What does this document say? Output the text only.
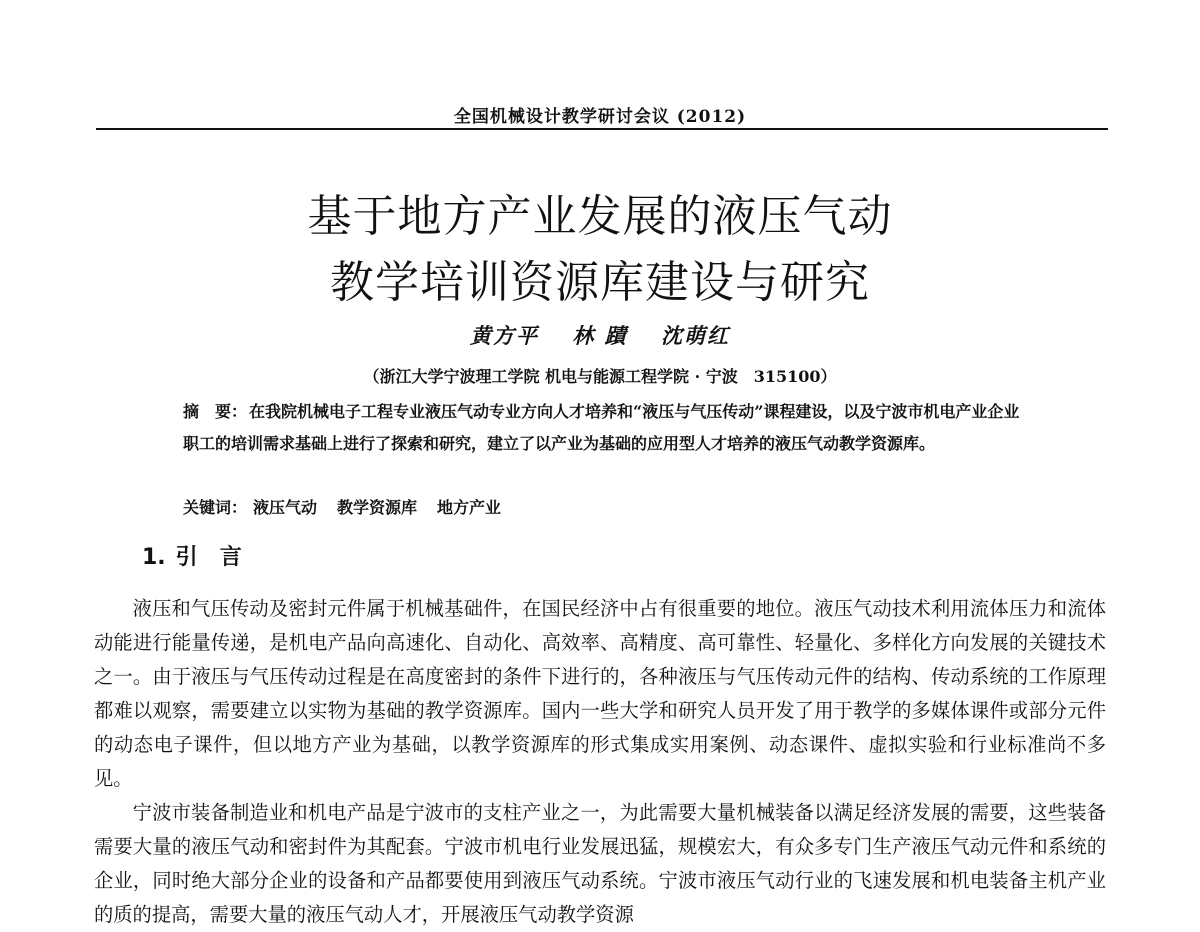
全国机械设计教学研讨会议 (2012)
基于地方产业发展的液压气动
教学培训资源库建设与研究
黄方平 林 蹟 沈萌红
（浙江大学宁波理工学院 机电与能源工程学院 · 宁波　315100）
摘　要： 在我院机械电子工程专业液压气动专业方向人才培养和“液压与气压传动”课程建设，以及宁波市机电产业企业职工的培训需求基础上进行了探索和研究，建立了以产业为基础的应用型人才培养的液压气动教学资源库。
关键词： 液压气动 教学资源库 地方产业
1. 引 言

液压和气压传动及密封元件属于机械基础件，在国民经济中占有很重要的地位。液压气动技术利用流体压力和流体动能进行能量传递，是机电产品向高速化、自动化、高效率、高精度、高可靠性、轻量化、多样化方向发展的关键技术之一。由于液压与气压传动过程是在高度密封的条件下进行的，各种液压与气压传动元件的结构、传动系统的工作原理都难以观察，需要建立以实物为基础的教学资源库。国内一些大学和研究人员开发了用于教学的多媒体课件或部分元件的动态电子课件，但以地方产业为基础，以教学资源库的形式集成实用案例、动态课件、虚拟实验和行业标准尚不多见。

宁波市装备制造业和机电产品是宁波市的支柱产业之一，为此需要大量机械装备以满足经济发展的需要，这些装备需要大量的液压气动和密封件为其配套。宁波市机电行业发展迅猛，规模宏大，有众多专门生产液压气动元件和系统的企业，同时绝大部分企业的设备和产品都要使用到液压气动系统。宁波市液压气动行业的飞速发展和机电装备主机产业的质的提高，需要大量的液压气动人才，开展液压气动教学资源
